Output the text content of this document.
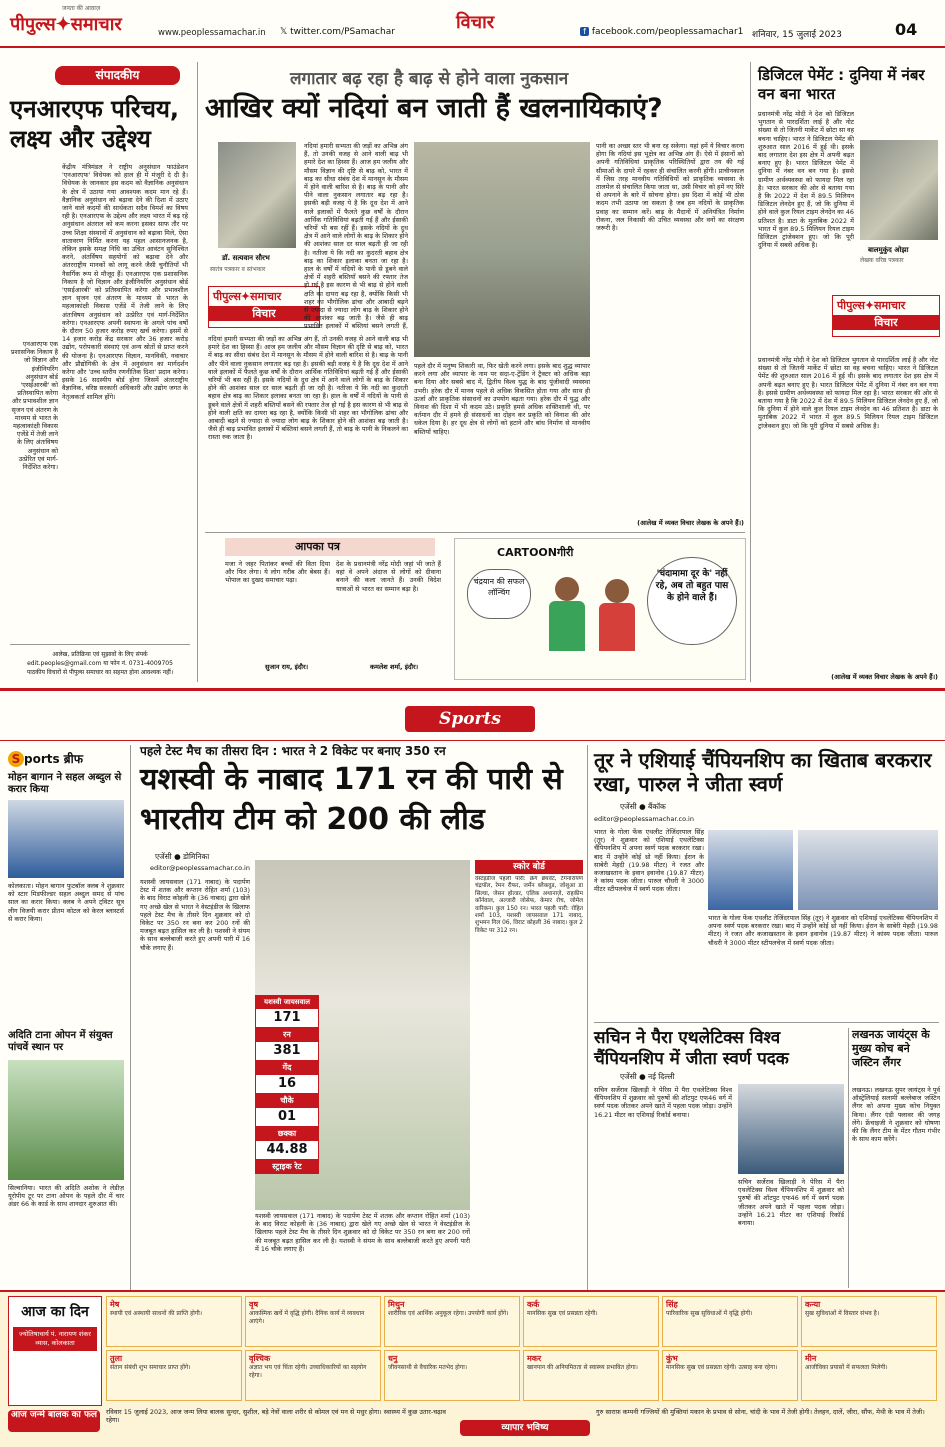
पीपुल्स✦समाचार
जनता की आवाज़
www.peoplessamachar.in 𝕏 twitter.com/PSamachar	विचार	f facebook.com/peoplessamachar1 शनिवार, 15 जुलाई 2023	04
संपादकीय
एनआरएफ परिचय, लक्ष्य और उद्देश्य
केंद्रीय मंत्रिमंडल ने राष्ट्रीय अनुसंधान फाउंडेशन 'एनआरएफ' विधेयक को हाल ही में मंजूरी दे दी है। विधेयक के जानकार इस कदम को वैज्ञानिक अनुसंधान के क्षेत्र में उठाया गया आवश्यक कदम मान रहे हैं। वैज्ञानिक अनुसंधान को बढ़ावा देने की दिशा में उठाए जाने वाले कदमों की सार्थकता सदैव विमर्श का विषय रही है। एनआरएफ के उद्देश्य और लक्ष्य भारत में बढ़ रहे अनुसंधान अंतराल को कम करना इसका साफ तौर पर उच्च शिक्षा संस्थानों में अनुसंधान को बढ़ावा मिले, ऐसा वातावरण निर्मित करना यह पहल आसानजनक है, लेकिन इसके समक्ष निधि का उचित आवंटन सुनिश्चित करने, अंतर्विषय सहयोगों को बढ़ावा देने और अंतरराष्ट्रीय मानकों को लागू करने जैसी चुनौतियाँ भी नैसर्गिक रूप से मौजूद हैं। एनआरएफ एक प्रशासनिक निकाय है जो विज्ञान और इंजीनियरिंग अनुसंधान बोर्ड 'एसईआरबी' को प्रतिस्थापित करेगा और प्रभावशील ज्ञान सृजन एवं अंतरण के माध्यम से भारत के महत्वाकांक्षी विकास एजेंडे में तेजी लाने के लिए अंतःविषय अनुसंधान को उत्प्रेरित एवं मार्ग-निर्देशित करेगा। एनआरएफ अपनी स्थापना के अगले पांच वर्षों के दौरान 50 हजार करोड़ रुपए खर्च करेगा। इसमें से 14 हजार करोड़ केंद्र सरकार और 36 हजार करोड़ उद्योग, परोपकारी संस्थाएं एवं अन्य स्रोतों से प्राप्त करने की योजना है। एनआरएफ विज्ञान, मानविकी, नवाचार और प्रौद्योगिकी के क्षेत्र में अनुसंधान का मार्गदर्शन करेगा और 'उच्च स्तरीय रणनीतिक दिशा' प्रदान करेगा। इसके 16 सदस्यीय बोर्ड होगा जिसमें अंतरराष्ट्रीय वैज्ञानिक, वरिष्ठ सरकारी अधिकारी और उद्योग जगत के नेतृत्वकर्ता शामिल होंगे।
एनआरएफ एक प्रशासनिक निकाय है जो विज्ञान और इंजीनियरिंग अनुसंधान बोर्ड 'एसईआरबी' को प्रतिस्थापित करेगा और प्रभावशील ज्ञान सृजन एवं अंतरण के माध्यम से भारत के महत्वाकांक्षी विकास एजेंडे में तेजी लाने के लिए अंतःविषय अनुसंधान को उत्प्रेरित एवं मार्ग-निर्देशित करेगा।
आलेख, प्रतिक्रिया एवं सुझावों के लिए संपर्क
edit.peoples@gmail.com या फोन नं. 0731-4009705
पाठकीय विचारों से पीपुल्स समाचार का सहमत होना आवश्यक नहीं।
लगातार बढ़ रहा है बाढ़ से होने वाला नुकसान
आखिर क्यों नदियां बन जाती हैं खलनायिकाएं?
डॉ. सत्यवान सौरभ
स्वतंत्र पत्रकार व स्तंभकार
पीपुल्स✦समाचार
विचार
नदियां हमारी सभ्यता की जड़ों का अभिन्न अंग हैं, तो उनकी वजह से आने वाली बाढ़ भी हमारे देश का हिस्सा हैं। आज हम जलीय और मौसम विज्ञान की दृष्टि से बाढ़ को, भारत में बाढ़ का सीधा संबंध देश में मानसून के मौसम में होने वाली बारिश से है। बाढ़ के पानी और पीने वाला नुकसान लगातार बढ़ रहा है। इसकी बड़ी वजह ये है कि दूध देश में आने वाले इलाकों में फैलते कुछ वर्षों के दौरान आर्थिक गतिविधियां बढ़ती गई हैं और ईसाकी चरियों भी बस रहीं हैं। इसके नदियों के दुध क्षेत्र में आने वाले लोगों के बाढ़ के शिकार होने की आशंका साल दर साल बढ़ती ही जा रही है। नतीजा ये कि नदी का कुदरती बहाव क्षेत्र बाढ़ का शिकार इलाका बनता जा रहा है। हाल के वर्षों में नदियों के पानी से डूबने वाले क्षेत्रों में शहरी बस्तियाँ बसने की रफ्तार तेज हो गई है इस कारण से भी बाढ़ से होने वाली क्षति का दायरा बढ़ रहा है, क्योंकि किसी भी शहर का भौगोलिक ढांचा और आबादी बढ़ने से ज्यादा से ज्यादा लोग बाढ़ के शिकार होने की आशंका बढ़ जाती है। जैसे ही बाढ़ प्रभावित इलाकों में बस्तियां बसने लगती हैं, तो बाढ़ के पानी के निकलने का रास्ता रुक जाता है।
नदियां हमारी सभ्यता की जड़ों का अभिन्न अंग हैं, तो उनकी वजह से आने वाली बाढ़ भी हमारे देश का हिस्सा हैं। आज हम जलीय और मौसम विज्ञान की दृष्टि से बाढ़ को, भारत में बाढ़ का सीधा संबंध देश में मानसून के मौसम में होने वाली बारिश से है। बाढ़ के पानी और पीने वाला नुकसान लगातार बढ़ रहा है। इसकी बड़ी वजह ये है कि दूध देश में आने वाले इलाकों में फैलते कुछ वर्षों के दौरान आर्थिक गतिविधियां बढ़ती गई हैं और ईसाकी चरियों भी बस रहीं हैं। इसके नदियों के दुध क्षेत्र में आने वाले लोगों के बाढ़ के शिकार होने की आशंका साल दर साल बढ़ती ही जा रही है। नतीजा ये कि नदी का कुदरती बहाव क्षेत्र बाढ़ का शिकार इलाका बनता जा रहा है। हाल के वर्षों में नदियों के पानी से डूबने वाले क्षेत्रों में शहरी बस्तियाँ बसने की रफ्तार तेज हो गई है इस कारण से भी बाढ़ से होने वाली क्षति का दायरा बढ़ रहा है, क्योंकि किसी भी शहर का भौगोलिक ढांचा और आबादी बढ़ने से ज्यादा से ज्यादा लोग बाढ़ के शिकार होने की आशंका बढ़ जाती है। जैसे ही बाढ़ प्रभावित इलाकों में बस्तियां बसने लगती हैं,
पहले दौर में मनुष्य शिकारी था, फिर खेती करने लगा। इसके बाद शुद्ध व्यापार करने लगा और व्यापार के नाम पर सदा-ए-ट्रेंडिंग ने ट्रैक्टर को अधिक बड़ा बना दिया और सबसे बाद में, द्वितीय विश्व युद्ध के बाद पूंजीवादी व्यवस्था उभरी। हरेक दौर में मानव पहले से अधिक विकसित होता गया और साथ ही ऊर्जा और प्राकृतिक संसाधनों का उपयोग बढ़ता गया। हरेक दौर में युद्ध और विनाश की दिशा में भी कदम उठे। प्रकृति हमसे अधिक शक्तिशाली थी, पर वर्तमान दौर में हमने ही संसाधनों का दोहन कर प्रकृति को विनाश की ओर धकेल दिया है। हर दूध क्षेत्र से लोगों को हटाने और बांध निर्माण से मानवीय बस्तियाँ चाहिए।
पानी का अच्छा स्तर भी बना रह सकेगा। यहां हमें ये विचार करना होगा कि नदियां इस भूक्षेत्र का अभिन्न अंग हैं। ऐसे में इंसानों को अपनी गतिविधियां प्राकृतिक परिस्थितियों द्वारा तय की गई सीमाओं के दायरे में रहकर ही संचालित करनी होंगी। प्राचीनकाल में जिस तरह मानवीय गतिविधियों को प्राकृतिक व्यवस्था के तालमेल से संचालित किया जाता था, उसी विचार को हमें नए सिरे से अपनाने के बारे में सोचना होगा। इस दिशा में कोई भी ठोस कदम तभी उठाया जा सकता है जब हम नदियों के प्राकृतिक प्रवाह का सम्मान करें। बाढ़ के मैदानों में अनियंत्रित निर्माण रोकना, जल निकासी की उचित व्यवस्था और वनों का संरक्षण जरूरी है।
(आलेख में व्यक्त विचार लेखक के अपने हैं।)
डिजिटल पेमेंट : दुनिया में नंबर वन बना भारत
प्रधानमंत्री नरेंद्र मोदी ने देश को डिजिटल भुगतान से पारदर्शिता लाई है और नोट संख्या से तो जितनी मार्केट में छोटा सा वह बचना चाहिए। भारत ने डिजिटल पेमेंट की शुरुआत साल 2016 में हुई थी। इसके बाद लगातार देश इस क्षेत्र में अपनी बढ़त बनाए हुए है। भारत डिजिटल पेमेंट में दुनिया में नंबर वन बन गया है। इससे ग्रामीण अर्थव्यवस्था को फायदा मिल रहा है। भारत सरकार की ओर से बताया गया है कि 2022 में देश में 89.5 मिलियन डिजिटल लेनदेन हुए हैं, जो कि दुनिया में होने वाले कुल रियल टाइम लेनदेन का 46 प्रतिशत है। डाटा के मुताबिक 2022 में भारत में कुल 89.5 मिलियन रियल टाइम डिजिटल ट्रांजेक्शन हुए। जो कि पूरी दुनिया में सबसे अधिक है।
बालमुकुंद ओझा
लेखक वरिष्ठ पत्रकार
पीपुल्स✦समाचार
विचार
प्रधानमंत्री नरेंद्र मोदी ने देश को डिजिटल भुगतान से पारदर्शिता लाई है और नोट संख्या से तो जितनी मार्केट में छोटा सा वह बचना चाहिए। भारत ने डिजिटल पेमेंट की शुरुआत साल 2016 में हुई थी। इसके बाद लगातार देश इस क्षेत्र में अपनी बढ़त बनाए हुए है। भारत डिजिटल पेमेंट में दुनिया में नंबर वन बन गया है। इससे ग्रामीण अर्थव्यवस्था को फायदा मिल रहा है। भारत सरकार की ओर से बताया गया है कि 2022 में देश में 89.5 मिलियन डिजिटल लेनदेन हुए हैं, जो कि दुनिया में होने वाले कुल रियल टाइम लेनदेन का 46 प्रतिशत है। डाटा के मुताबिक 2022 में भारत में कुल 89.5 मिलियन रियल टाइम डिजिटल ट्रांजेक्शन हुए। जो कि पूरी दुनिया में सबसे अधिक है।
(आलेख में व्यक्त विचार लेखक के अपने हैं।)
आपका पत्र
मजा ने जहर पितांकर बच्चों की विता दिया और फिर लेगा। ये लोग गरीब और बेबस हैं। भोपाल का दुखद समाचार पढ़ा।
सुजान राय, इंदौर।
देश के प्रधानमंत्री नरेंद्र मोदी जहां भी जाते हैं वहां वे अपने अंदाज से लोगों को दीवाना बनाने की कला जानते हैं। उनकी विदेश यात्राओं से भारत का सम्मान बढ़ा है।
कमलेश शर्मा, इंदौर।
CARTOONगीरी
चंद्रयान की सफल लॉन्चिंग
'चंदामामा दूर के' नहीं रहे, अब तो बहुत पास के होने वाले हैं।
Sports
S ports ब्रीफ
मोहन बागान ने सहल अब्दुल से करार किया
कोलकाता। मोहन बागान फुटबॉल क्लब ने शुक्रवार को स्टार मिडफील्डर सहल अब्दुल समद से पांच साल का करार किया। क्लब ने अपने ट्विटर सूत्र लीग विजयी करार प्रीतम कोटल को केरल ब्लास्टर्स से करार किया।
अदिति टाना ओपन में संयुक्त पांचवें स्थान पर
सिल्वानिया। भारत की अदिति अशोक ने लेडीज़ यूरोपीय टूर पर टाना ओपन के पहले दौर में चार अंडर 66 के कार्ड के साथ शानदार शुरुआत की।
पहले टेस्ट मैच का तीसरा दिन : भारत ने 2 विकेट पर बनाए 350 रन
यशस्वी के नाबाद 171 रन की पारी से भारतीय टीम को 200 की लीड
एजेंसी ● डोमिनिका
editor@peoplessamachar.co.in
यशस्वी जायसवाल (171 नाबाद) के पदार्पण टेस्ट में शतक और कप्तान रोहित शर्मा (103) के बाद विराट कोहली के (36 नाबाद) द्वारा खेले गए अच्छे खेल से भारत ने वेस्टइंडीज के खिलाफ पहले टेस्ट मैच के तीसरे दिन शुक्रवार को दो विकेट पर 350 रन बना कर 200 रनों की मजबूत बढ़त हासिल कर ली है। यशस्वी ने संयम के साथ बल्लेबाजी करते हुए अपनी पारी में 16 चौके लगाए हैं।
यशस्वी जायसवाल
171
रन
381
गेंद
16
चौके
01
छक्का
44.88
स्ट्राइक रेट
यशस्वी जायसवाल (171 नाबाद) के पदार्पण टेस्ट में शतक और कप्तान रोहित शर्मा (103) के बाद विराट कोहली के (36 नाबाद) द्वारा खेले गए अच्छे खेल से भारत ने वेस्टइंडीज के खिलाफ पहले टेस्ट मैच के तीसरे दिन शुक्रवार को दो विकेट पर 350 रन बना कर 200 रनों की मजबूत बढ़त हासिल कर ली है। यशस्वी ने संयम के साथ बल्लेबाजी करते हुए अपनी पारी में 16 चौके लगाए हैं।
स्कोर बोर्ड
वेस्टइंडीज पहली पारी: क्रेग ब्रेथवेट, टेगनारायण चंद्रपॉल, रेमन रीफर, जर्मेन ब्लैकवुड, जोशुआ डा सिल्वा, जेसन होल्डर, एलिक अथानाज़े, राहकीम कॉर्नवाल, अल्जारी जोसेफ, केमार रोच, जोमेल वारिकन। कुल 150 रन। भारत पहली पारी: रोहित शर्मा 103, यशस्वी जायसवाल 171 नाबाद, शुभमन गिल 06, विराट कोहली 36 नाबाद। कुल 2 विकेट पर 312 रन।
तूर ने एशियाई चैंपियनशिप का खिताब बरकरार रखा, पारुल ने जीता स्वर्ण
एजेंसी ● बैंकॉक
editor@peoplessamachar.co.in
भारत के गोला फेंक एथलीट तेजिंदरपाल सिंह (तूर) ने शुक्रवार को एशियाई एथलेटिक्स चैंपियनशिप में अपना स्वर्ण पदक बरकरार रखा। बाद में उन्होंने कोई थ्रो नहीं किया। ईरान के साबेरी मेहदी (19.98 मीटर) ने रजत और कजाखस्तान के इवान इवानोव (19.87 मीटर) ने कांस्य पदक जीता। पारुल चौधरी ने 3000 मीटर स्टीपलचेज में स्वर्ण पदक जीता।
भारत के गोला फेंक एथलीट तेजिंदरपाल सिंह (तूर) ने शुक्रवार को एशियाई एथलेटिक्स चैंपियनशिप में अपना स्वर्ण पदक बरकरार रखा। बाद में उन्होंने कोई थ्रो नहीं किया। ईरान के साबेरी मेहदी (19.98 मीटर) ने रजत और कजाखस्तान के इवान इवानोव (19.87 मीटर) ने कांस्य पदक जीता। पारुल चौधरी ने 3000 मीटर स्टीपलचेज में स्वर्ण पदक जीता।
सचिन ने पैरा एथलेटिक्स विश्व चैंपियनशिप में जीता स्वर्ण पदक
एजेंसी ● नई दिल्ली
सचिन सर्जेराव खिलाड़ी ने पेरिस में पैरा एथलेटिक्स विश्व चैंपियनशिप में शुक्रवार को पुरुषों की शॉटपुट एफ46 वर्ग में स्वर्ण पदक जीतकर अपने खाते में पहला पदक जोड़ा। उन्होंने 16.21 मीटर का एशियाई रिकॉर्ड बनाया।
सचिन सर्जेराव खिलाड़ी ने पेरिस में पैरा एथलेटिक्स विश्व चैंपियनशिप में शुक्रवार को पुरुषों की शॉटपुट एफ46 वर्ग में स्वर्ण पदक जीतकर अपने खाते में पहला पदक जोड़ा। उन्होंने 16.21 मीटर का एशियाई रिकॉर्ड बनाया।
लखनऊ जायंट्स के मुख्य कोच बने जस्टिन लैंगर
लखनऊ। लखनऊ सुपर जायंट्स ने पूर्व ऑस्ट्रेलियाई सलामी बल्लेबाज जस्टिन लैंगर को अपना मुख्य कोच नियुक्त किया। लैंगर एंडी फ्लावर की जगह लेंगे। फ्रेंचाइजी ने शुक्रवार को घोषणा की कि लैंगर टीम के मेंटर गौतम गंभीर के साथ काम करेंगे।
आज का दिन
ज्योतिषाचार्य पं. नारायण शंकर व्यास, कोलकाता
आज जन्मे बालक का फल
मेष
स्थायी एवं अस्थायी साधनों की प्राप्ति होगी।
वृष
आकस्मिक खर्चे में वृद्धि होगी। दैनिक कार्य में व्यवधान आएंगे।
मिथुन
शारीरिक एवं आर्थिक अनुकूल रहेगा। उपयोगी कार्य होंगे।
कर्क
मानसिक सुख एवं प्रसन्नता रहेगी।
सिंह
पारिवारिक सुख सुविधाओं में वृद्धि होगी।
कन्या
सुख सुविधाओं में विस्तार संभव है।
तुला
संतान संबंधी शुभ समाचार प्राप्त होंगे।
वृश्चिक
अज्ञात भय एवं चिंता रहेगी। उच्चाधिकारियों का सहयोग रहेगा।
धनु
जीवनसाथी से वैचारिक मतभेद होगा।
मकर
खानपान की अनियमितता से स्वास्थ्य प्रभावित होगा।
कुंभ
मानसिक सुख एवं प्रसन्नता रहेगी। उत्साह बना रहेगा।
मीन
आजीविका प्रयासों में सफलता मिलेगी।
रविवार 15 जुलाई 2023, आज जन्म लिया बालक सुन्दर, सुशील, बड़े नेत्रों वाला शरीर से कोमल एवं मन से मधुर होगा। स्वास्थ्य में कुछ उतार-चढ़ाव रहेगा।
व्यापार भविष्य
गुरु साराफ़ कम्पनी गज्जियों की मुक्तियां मकान के प्रभाव से सोना, चांदी के भाव में तेजी होगी। तेलहन, दालें, जीरा, सौंफ, मेथी के भाव में तेजी।
